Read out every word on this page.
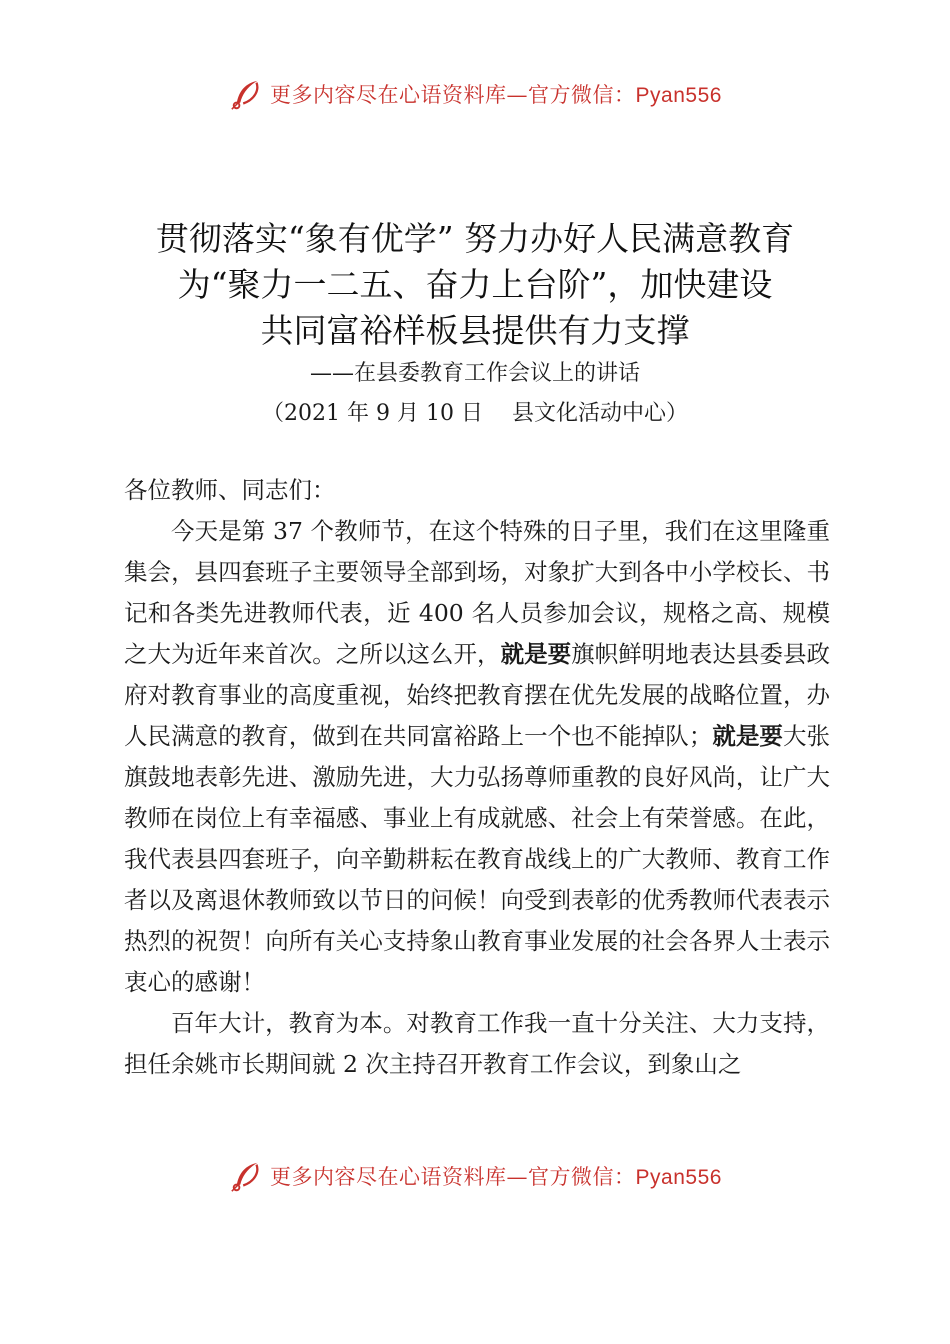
更多内容尽在心语资料库—官方微信：Pyan556
贯彻落实“象有优学” 努力办好人民满意教育
为“聚力一二五、奋力上台阶”，加快建设
共同富裕样板县提供有力支撑
——在县委教育工作会议上的讲话
（2021 年 9 月 10 日　 县文化活动中心）

各位教师、同志们：

今天是第 37 个教师节，在这个特殊的日子里，我们在这里隆重集会，县四套班子主要领导全部到场，对象扩大到各中小学校长、书记和各类先进教师代表，近 400 名人员参加会议，规格之高、规模之大为近年来首次。之所以这么开，就是要旗帜鲜明地表达县委县政府对教育事业的高度重视，始终把教育摆在优先发展的战略位置，办人民满意的教育，做到在共同富裕路上一个也不能掉队；就是要大张旗鼓地表彰先进、激励先进，大力弘扬尊师重教的良好风尚，让广大教师在岗位上有幸福感、事业上有成就感、社会上有荣誉感。在此，我代表县四套班子，向辛勤耕耘在教育战线上的广大教师、教育工作者以及离退休教师致以节日的问候！向受到表彰的优秀教师代表表示热烈的祝贺！向所有关心支持象山教育事业发展的社会各界人士表示衷心的感谢！

百年大计，教育为本。对教育工作我一直十分关注、大力支持，担任余姚市长期间就 2 次主持召开教育工作会议，到象山之

更多内容尽在心语资料库—官方微信：Pyan556
